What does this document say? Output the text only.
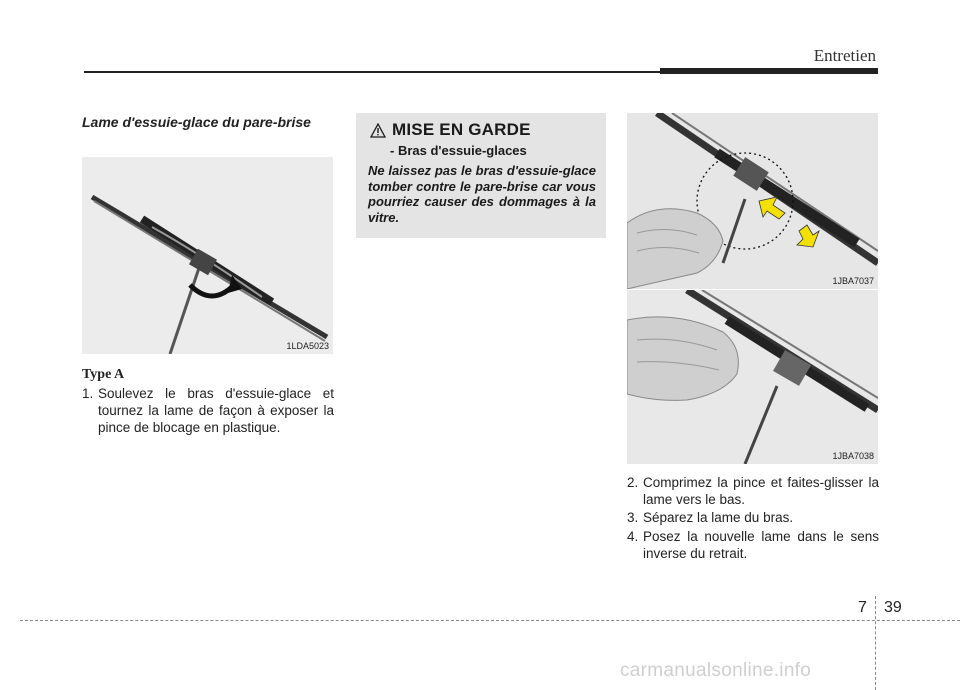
Entretien
Lame d'essuie-glace du pare-brise
1LDA5023
Type A
1. Soulevez le bras d'essuie-glace et tournez la lame de façon à exposer la pince de blocage en plastique.
MISE EN GARDE
- Bras d'essuie-glaces
Ne laissez pas le bras d'essuie-glace tomber contre le pare-brise car vous pourriez causer des dommages à la vitre.
1JBA7037
1JBA7038
2. Comprimez la pince et faites-glisser la lame vers le bas.
3. Séparez la lame du bras.
4. Posez la nouvelle lame dans le sens inverse du retrait.
7 39
carmanualsonline.info
